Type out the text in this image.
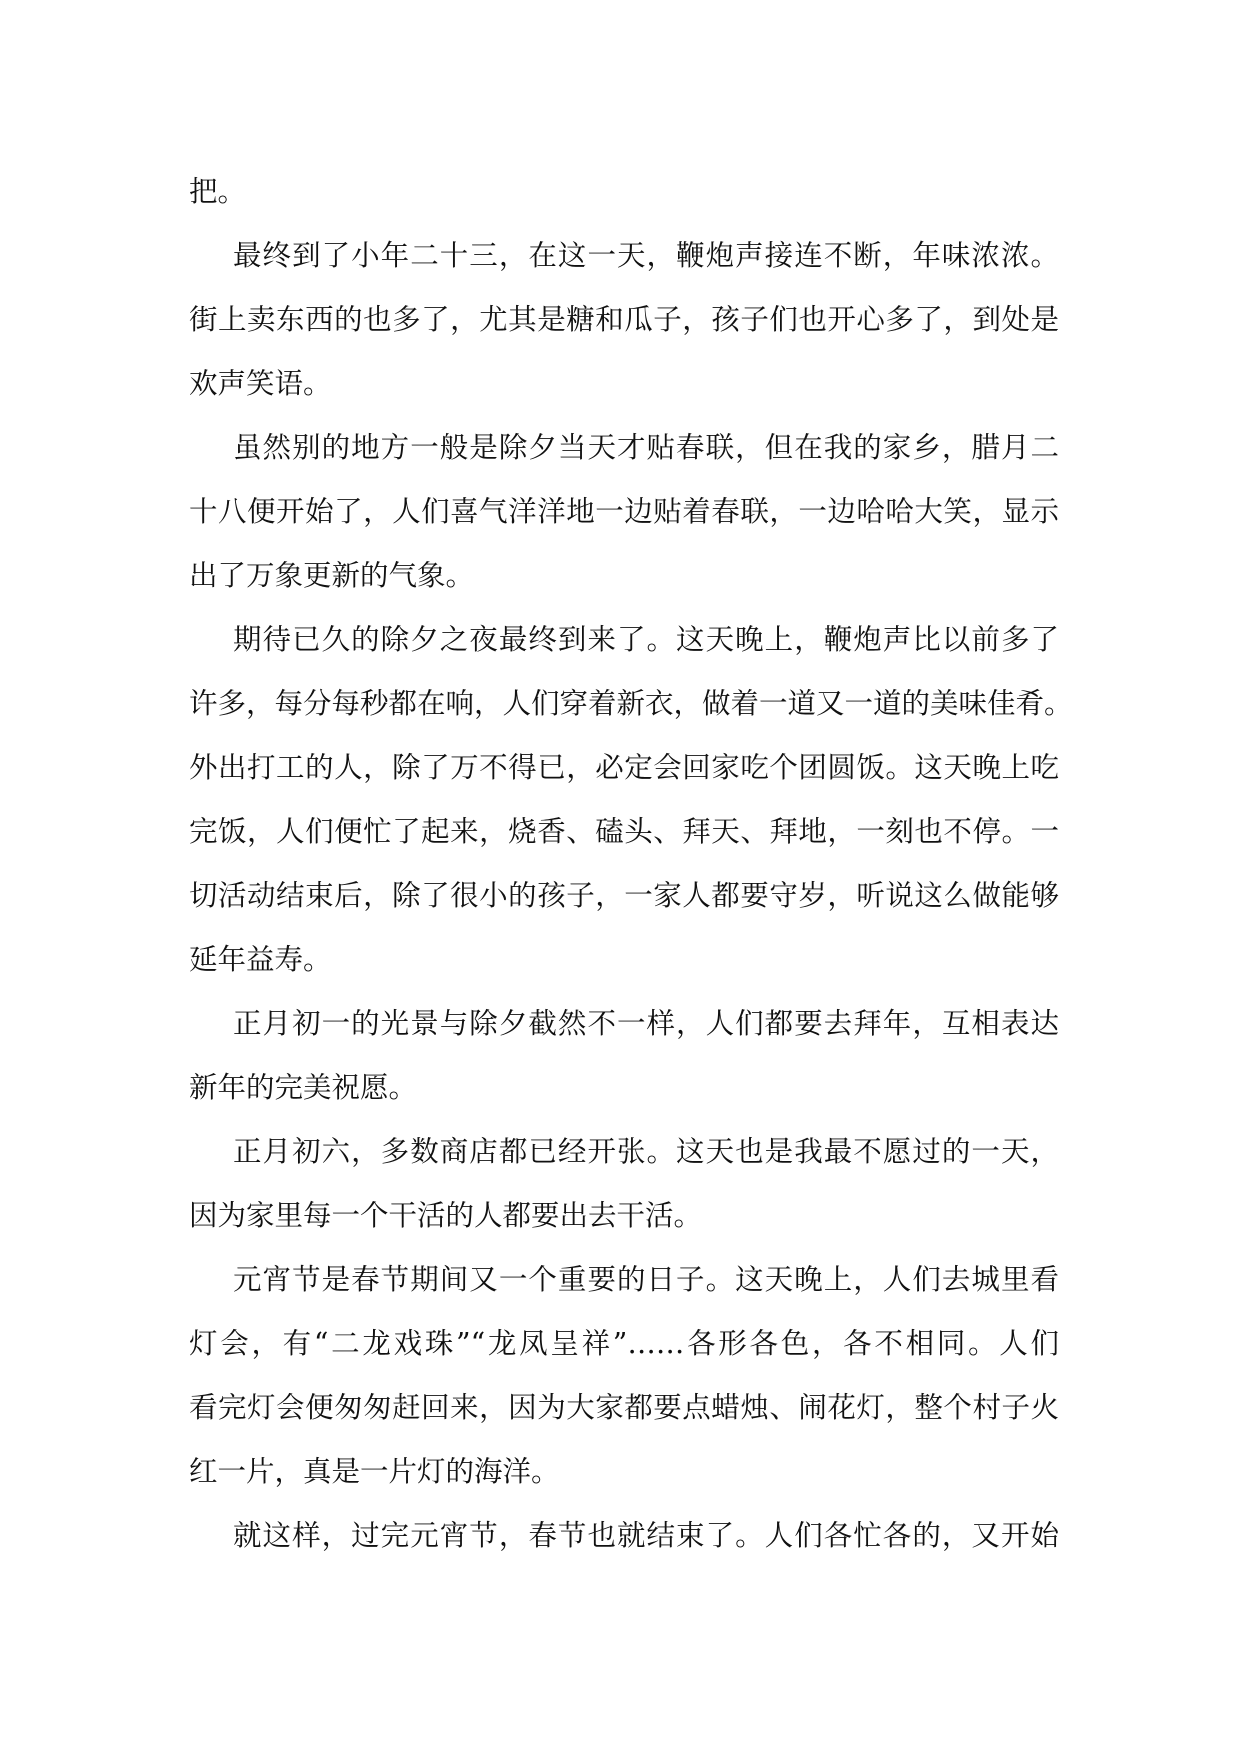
把。

最终到了小年二十三，在这一天，鞭炮声接连不断，年味浓浓。
街上卖东西的也多了，尤其是糖和瓜子，孩子们也开心多了，到处是
欢声笑语。

虽然别的地方一般是除夕当天才贴春联，但在我的家乡，腊月二
十八便开始了，人们喜气洋洋地一边贴着春联，一边哈哈大笑，显示
出了万象更新的气象。

期待已久的除夕之夜最终到来了。这天晚上，鞭炮声比以前多了
许多，每分每秒都在响，人们穿着新衣，做着一道又一道的美味佳肴。
外出打工的人，除了万不得已，必定会回家吃个团圆饭。这天晚上吃
完饭，人们便忙了起来，烧香、磕头、拜天、拜地，一刻也不停。一
切活动结束后，除了很小的孩子，一家人都要守岁，听说这么做能够
延年益寿。

正月初一的光景与除夕截然不一样，人们都要去拜年，互相表达
新年的完美祝愿。

正月初六，多数商店都已经开张。这天也是我最不愿过的一天，
因为家里每一个干活的人都要出去干活。

元宵节是春节期间又一个重要的日子。这天晚上，人们去城里看
灯会，有“二龙戏珠”“龙凤呈祥”……各形各色，各不相同。人们
看完灯会便匆匆赶回来，因为大家都要点蜡烛、闹花灯，整个村子火
红一片，真是一片灯的海洋。

就这样，过完元宵节，春节也就结束了。人们各忙各的，又开始
